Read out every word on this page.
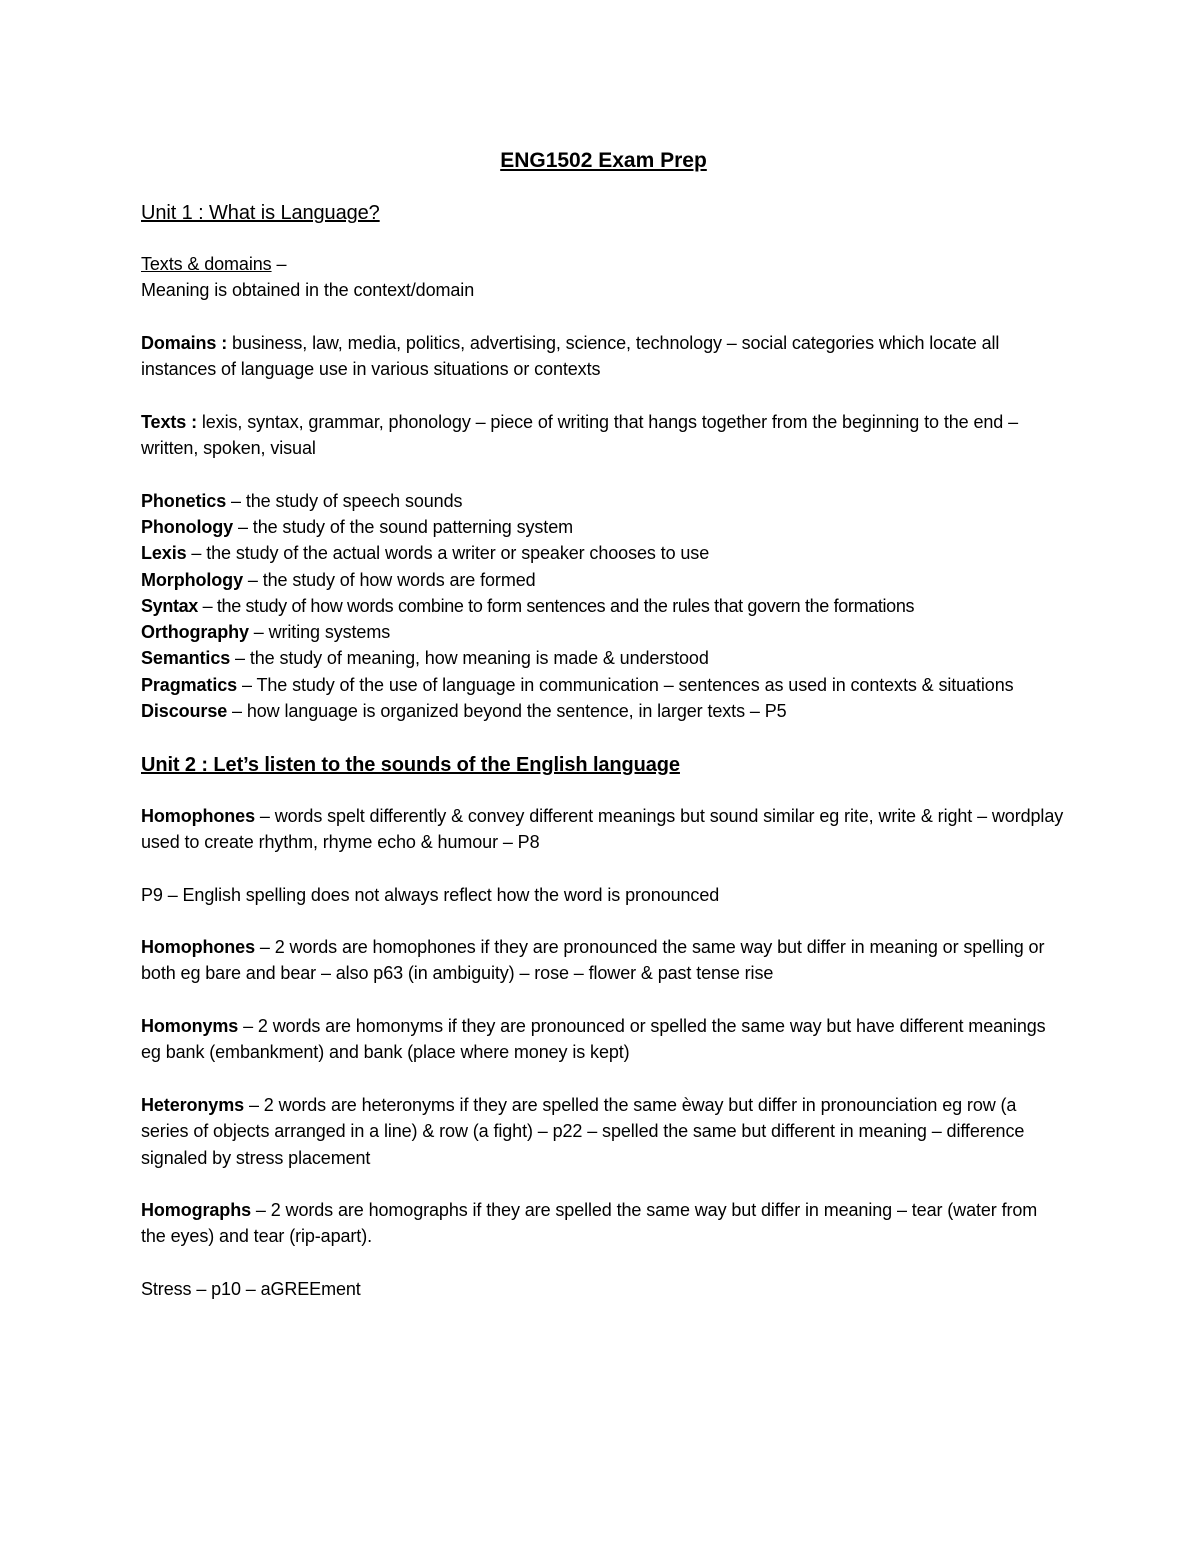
ENG1502 Exam Prep
Unit 1 : What is Language?

Texts & domains –

Meaning is obtained in the context/domain

Domains : business, law, media, politics, advertising, science, technology – social categories which locate all instances of language use in various situations or contexts

Texts : lexis, syntax, grammar, phonology – piece of writing that hangs together from the beginning to the end – written, spoken, visual

Phonetics – the study of speech sounds

Phonology – the study of the sound patterning system

Lexis – the study of the actual words a writer or speaker chooses to use

Morphology – the study of how words are formed

Syntax – the study of how words combine to form sentences and the rules that govern the formations

Orthography – writing systems

Semantics – the study of meaning, how meaning is made & understood

Pragmatics – The study of the use of language in communication – sentences as used in contexts & situations

Discourse – how language is organized beyond the sentence, in larger texts – P5

Unit 2 : Let’s listen to the sounds of the English language

Homophones – words spelt differently & convey different meanings but sound similar eg rite, write & right – wordplay used to create rhythm, rhyme echo & humour – P8

P9 – English spelling does not always reflect how the word is pronounced

Homophones – 2 words are homophones if they are pronounced the same way but differ in meaning or spelling or both eg bare and bear – also p63 (in ambiguity) – rose – flower & past tense rise

Homonyms – 2 words are homonyms if they are pronounced or spelled the same way but have different meanings eg bank (embankment) and bank (place where money is kept)

Heteronyms – 2 words are heteronyms if they are spelled the same ѐway but differ in pronounciation eg row (a series of objects arranged in a line) & row (a fight) – p22 – spelled the same but different in meaning – difference signaled by stress placement

Homographs – 2 words are homographs if they are spelled the same way but differ in meaning – tear (water from the eyes) and tear (rip-apart).

Stress – p10 – aGREEment
